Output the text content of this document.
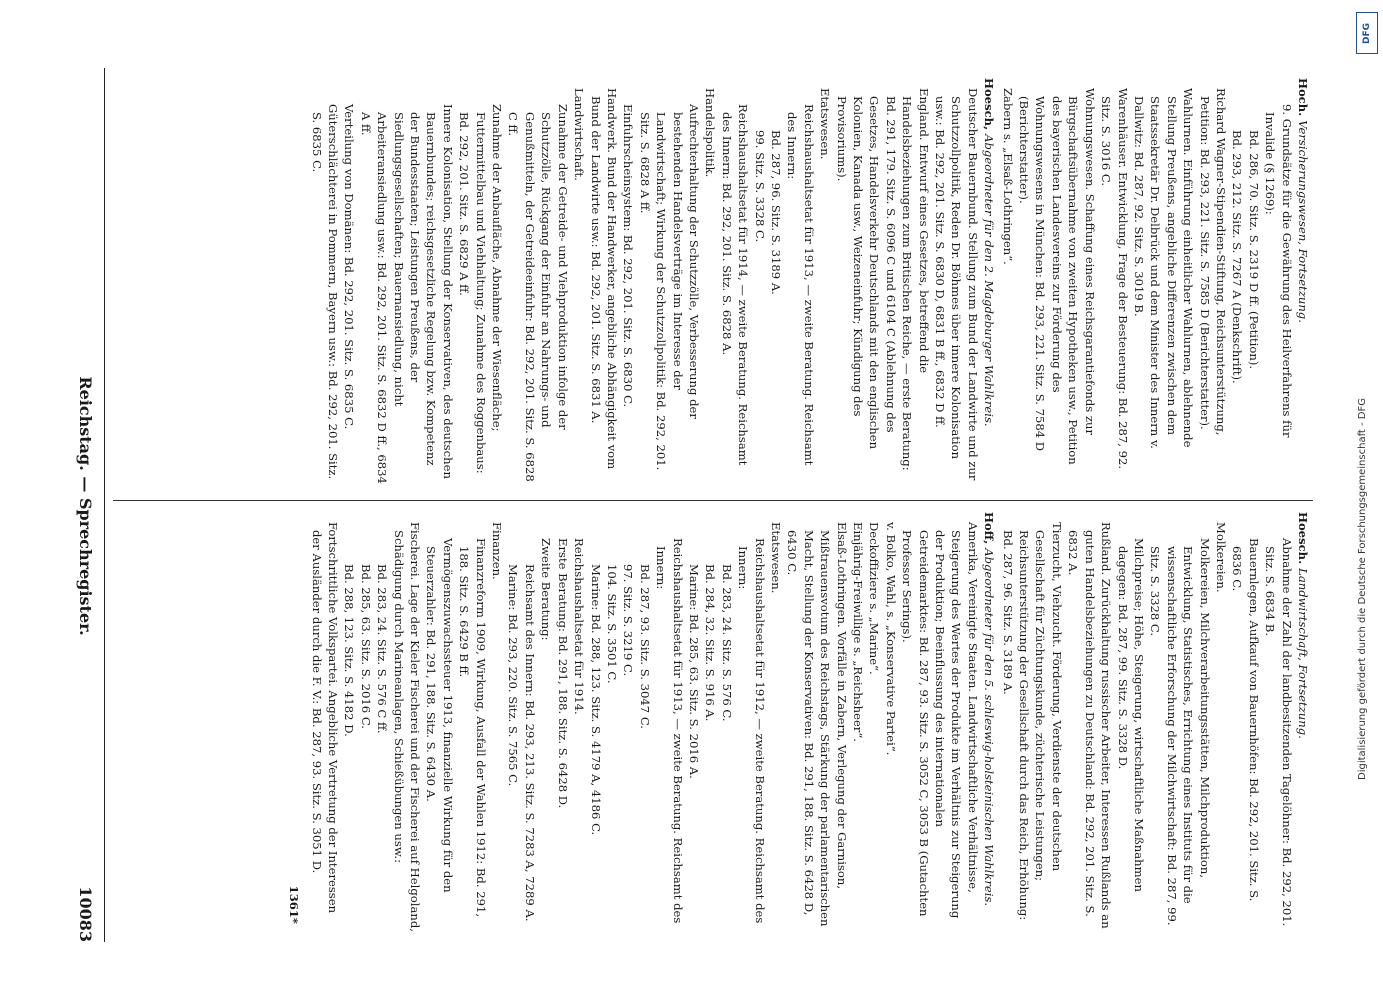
Reichstag. — Sprechregister.
10083
Hoch.Versicherungswesen, Fortsetzung.

9. Grundsätze für die Gewährung des Heilverfahrens für Invalide (§ 1269):

Bd. 286, 70. Sitz. S. 2319 D ff. (Petition).

Bd. 293, 212. Sitz. S. 7267 A (Denkschrift).

Richard Wagner-Stipendien-Stiftung, Reichsunterstützung, Petition: Bd. 293, 221. Sitz. S. 7585 D (Berichterstatter).

Wahlurnen. Einführung einheitlicher Wahlurnen, ablehnende Stellung Preußens, angebliche Differenzen zwischen dem Staatssekretär Dr. Delbrück und dem Minister des Innern v. Dallwitz: Bd. 287, 92. Sitz. S. 3019 B.

Warenhäuser. Entwicklung, Frage der Besteuerung: Bd. 287, 92. Sitz. S. 3016 C.

Wohnungswesen. Schaffung eines Reichsgarantiefonds zur Bürgschaftsübernahme von zweiten Hypotheken usw., Petition des bayerischen Landesvereins zur Förderung des Wohnungswesens in München: Bd. 293, 221. Sitz. S. 7584 D (Berichterstatter).

Zabern s. „Elsaß-Lothringen“.

Hoesch,Abgeordneter für den 2. Magdeburger Wahlkreis.

Deutscher Bauernbund. Stellung zum Bund der Landwirte und zur Schutzzollpolitik, Reden Dr. Böhmes über innere Kolonisation usw.: Bd. 292, 201. Sitz. S. 6830 D, 6831 B ff., 6832 D ff.

England. Entwurf eines Gesetzes, betreffend die Handelsbeziehungen zum Britischen Reiche, — erste Beratung: Bd. 291, 179. Sitz. S. 6096 C und 6104 C (Ablehnung des Gesetzes, Handelsverkehr Deutschlands mit den englischen Kolonien, Kanada usw., Weizeneinfuhr; Kündigung des Provisoriums).

Etatswesen.

Reichshaushaltsetat für 1913, — zweite Beratung. Reichsamt des Innern:

Bd. 287, 96. Sitz. S. 3189 A.

99. Sitz. S. 3328 C.

Reichshaushaltsetat für 1914, — zweite Beratung. Reichsamt des Innern: Bd. 292, 201. Sitz. S. 6828 A.

Handelspolitik.

Aufrechterhaltung der Schutzzölle, Verbesserung der bestehenden Handelsverträge im Interesse der Landwirtschaft; Wirkung der Schutzzollpolitik: Bd. 292, 201. Sitz. S. 6828 A ff.

Einfuhrscheinsystem: Bd. 292, 201. Sitz. S. 6830 C.

Handwerk. Bund der Handwerker, angebliche Abhängigkeit vom Bund der Landwirte usw.: Bd. 292, 201. Sitz. S. 6831 A.

Landwirtschaft.

Zunahme der Getreide- und Viehproduktion infolge der Schutzzölle, Rückgang der Einfuhr an Nahrungs- und Genußmitteln, der Getreideeinfuhr: Bd. 292, 201. Sitz. S. 6828 C ff.

Zunahme der Anbaufläche, Abnahme der Wiesenfläche; Futtermittelbau und Viehhaltung; Zunahme des Roggenbaus: Bd. 292, 201. Sitz. S. 6829 A ff.

Innere Kolonisation, Stellung der Konservativen, des deutschen Bauernbundes; reichsgesetzliche Regelung bzw. Kompetenz der Bundesstaaten; Leistungen Preußens, der Siedlungsgesellschaften; Bauernansiedlung, nicht Arbeiteransiedlung usw.: Bd. 292, 201. Sitz. S. 6832 D ff., 6834 A ff.

Verteilung von Domänen: Bd. 292, 201. Sitz. S. 6835 C.

Güterschlächterei in Pommern, Bayern usw.: Bd. 292, 201. Sitz. S. 6835 C.

Hoesch.Landwirtschaft, Fortsetzung.

Abnahme der Zahl der landbesitzenden Tagelöhner: Bd. 292, 201. Sitz. S. 6834 B.

Bauernlegen, Aufkauf von Bauernhöfen: Bd. 292, 201. Sitz. S. 6836 C.

Molkereien.

Molkereien, Milchverarbeitungsstätten, Milchproduktion, Entwicklung, Statistisches, Errichtung eines Instituts für die wissenschaftliche Erforschung der Milchwirtschaft: Bd. 287, 99. Sitz. S. 3328 C.

Milchpreise; Höhe, Steigerung, wirtschaftliche Maßnahmen dagegen: Bd. 287, 99. Sitz. S. 3328 D.

Rußland. Zurückhaltung russischer Arbeiter, Interessen Rußlands an guten Handelsbeziehungen zu Deutschland: Bd. 292, 201. Sitz. S. 6832 A.

Tierzucht, Viehzucht. Förderung, Verdienste der deutschen Gesellschaft für Züchtungskunde, züchterische Leistungen; Reichsunterstützung der Gesellschaft durch das Reich, Erhöhung: Bd. 287, 96. Sitz. S. 3189 A.

Hoff,Abgeordneter für den 5. schleswig-holsteinischen Wahlkreis.

Amerika, Vereinigte Staaten. Landwirtschaftliche Verhältnisse, Steigerung des Wertes der Produkte im Verhältnis zur Steigerung der Produktion; Beeinflussung des internationalen Getreidemarktes: Bd. 287, 93. Sitz. S. 3052 C, 3053 B (Gutachten Professor Serings).

v. Bolko, Wahl, s. „Konservative Partei“.

Deckoffiziere s. „Marine“.

Einjährig-Freiwillige s. „Reichsheer“.

Elsaß-Lothringen. Vorfälle in Zabern, Verlegung der Garnison, Mißtrauensvotum des Reichstags, Stärkung der parlamentarischen Macht, Stellung der Konservativen: Bd. 291, 188. Sitz. S. 6428 D, 6430 C.

Etatswesen.

Reichshaushaltsetat für 1912, — zweite Beratung. Reichsamt des Innern:

Bd. 283, 24. Sitz. S. 576 C.

Bd. 284, 32. Sitz. S. 916 A.

Marine: Bd. 285, 63. Sitz. S. 2016 A.

Reichshaushaltsetat für 1913, — zweite Beratung. Reichsamt des Innern:

Bd. 287, 93. Sitz. S. 3047 C.

97. Sitz. S. 3219 C.

104. Sitz. S. 3501 C.

Marine: Bd. 288, 123. Sitz. S. 4179 A, 4186 C.

Reichshaushaltsetat für 1914.

Erste Beratung: Bd. 291, 188. Sitz. S. 6428 D.

Zweite Beratung:

Reichsamt des Innern: Bd. 293, 213. Sitz. S. 7283 A, 7289 A.

Marine: Bd. 293, 220. Sitz. S. 7565 C.

Finanzen.

Finanzreform 1909, Wirkung, Ausfall der Wahlen 1912: Bd. 291, 188. Sitz. S. 6429 B ff.

Vermögenszuwachssteuer 1913, finanzielle Wirkung für den Steuerzahler: Bd. 291, 188. Sitz. S. 6430 A.

Fischerei. Lage der Kieler Fischerei und der Fischerei auf Helgoland, Schädigung durch Marineanlagen, Schießübungen usw.:

Bd. 283, 24. Sitz. S. 576 C ff.

Bd. 285, 63. Sitz. S. 2016 C.

Bd. 288, 123. Sitz. S. 4182 D.

Fortschrittliche Volkspartei. Angebliche Vertretung der Interessen der Ausländer durch die F. V.: Bd. 287, 93. Sitz. S. 3051 D.

1361*
DFG
Digitalisierung gefördert durch die Deutsche Forschungsgemeinschaft - DFG
